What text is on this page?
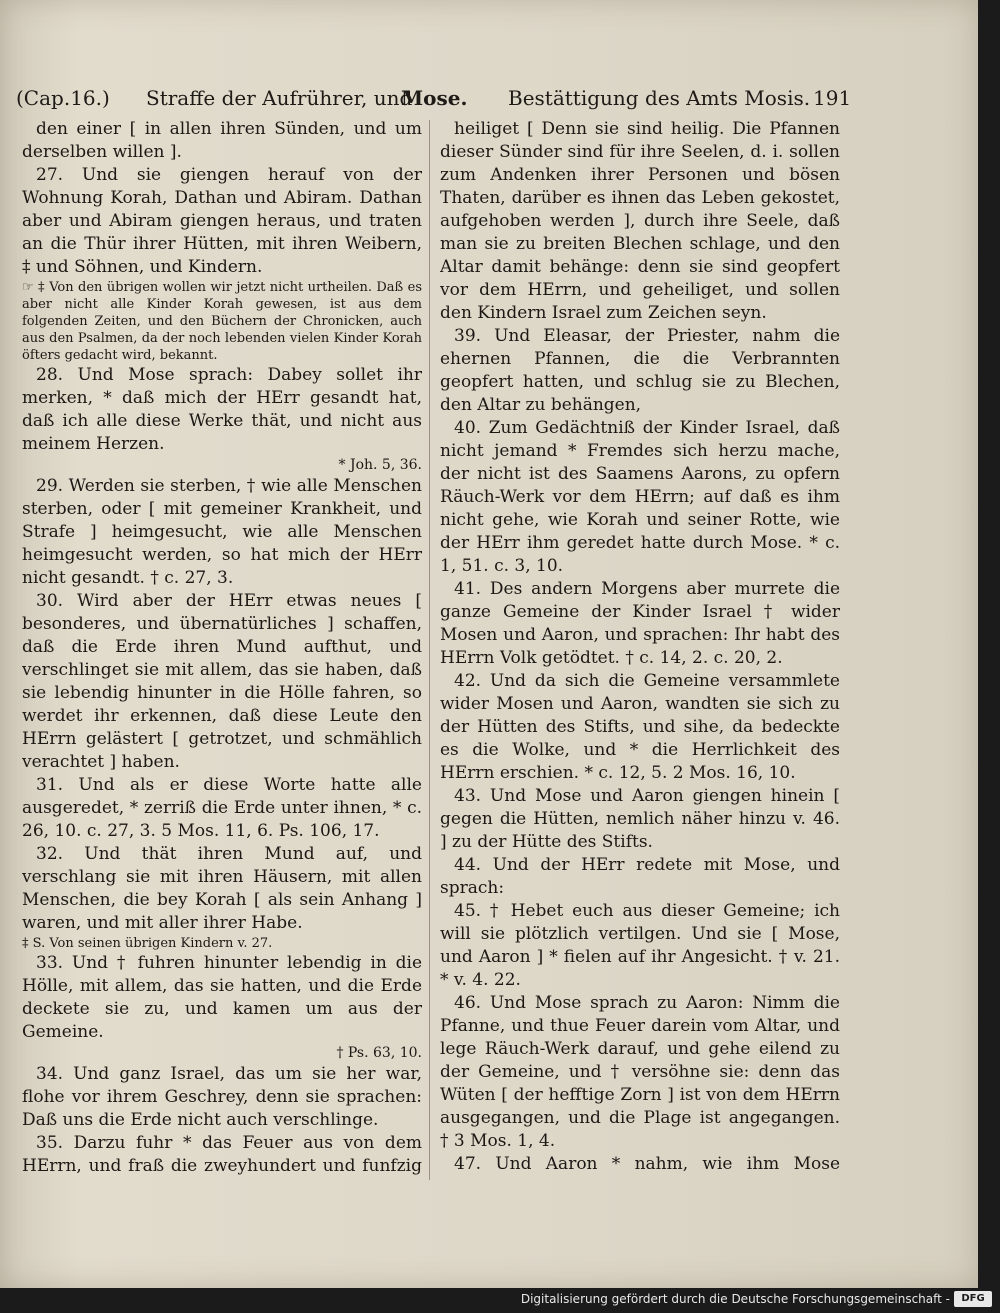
(Cap.16.) Straffe der Aufrührer, und
Mose. Bestättigung des Amts Mosis. 191

den einer [ in allen ihren Sünden, und um derselben willen ].

27. Und sie giengen herauf von der Wohnung Korah, Dathan und Abiram. Dathan aber und Abiram giengen heraus, und traten an die Thür ihrer Hütten, mit ihren Weibern, ‡ und Söhnen, und Kindern.

☞ ‡ Von den übrigen wollen wir jetzt nicht urtheilen. Daß es aber nicht alle Kinder Korah gewesen, ist aus dem folgenden Zeiten, und den Büchern der Chronicken, auch aus den Psalmen, da der noch lebenden vielen Kinder Korah öfters gedacht wird, bekannt.

28. Und Mose sprach: Dabey sollet ihr merken, * daß mich der HErr gesandt hat, daß ich alle diese Werke thät, und nicht aus meinem Herzen.

* Joh. 5, 36.

29. Werden sie sterben, † wie alle Menschen sterben, oder [ mit gemeiner Krankheit, und Strafe ] heimgesucht, wie alle Menschen heimgesucht werden, so hat mich der HErr nicht gesandt. † c. 27, 3.

30. Wird aber der HErr etwas neues [ besonderes, und übernatürliches ] schaffen, daß die Erde ihren Mund aufthut, und verschlinget sie mit allem, das sie haben, daß sie lebendig hinunter in die Hölle fahren, so werdet ihr erkennen, daß diese Leute den HErrn gelästert [ getrotzet, und schmählich verachtet ] haben.

31. Und als er diese Worte hatte alle ausgeredet, * zerriß die Erde unter ihnen, * c. 26, 10. c. 27, 3. 5 Mos. 11, 6. Ps. 106, 17.

32. Und thät ihren Mund auf, und verschlang sie mit ihren Häusern, mit allen Menschen, die bey Korah [ als sein Anhang ] waren, und mit aller ihrer Habe.

‡ S. Von seinen übrigen Kindern v. 27.

33. Und † fuhren hinunter lebendig in die Hölle, mit allem, das sie hatten, und die Erde deckete sie zu, und kamen um aus der Gemeine.

† Ps. 63, 10.

34. Und ganz Israel, das um sie her war, flohe vor ihrem Geschrey, denn sie sprachen: Daß uns die Erde nicht auch verschlinge.

35. Darzu fuhr * das Feuer aus von dem HErrn, und fraß die zweyhundert und funfzig

heiliget [ Denn sie sind heilig. Die Pfannen dieser Sünder sind für ihre Seelen, d. i. sollen zum Andenken ihrer Personen und bösen Thaten, darüber es ihnen das Leben gekostet, aufgehoben werden ], durch ihre Seele, daß man sie zu breiten Blechen schlage, und den Altar damit behänge: denn sie sind geopfert vor dem HErrn, und geheiliget, und sollen den Kindern Israel zum Zeichen seyn.

39. Und Eleasar, der Priester, nahm die ehernen Pfannen, die die Verbrannten geopfert hatten, und schlug sie zu Blechen, den Altar zu behängen,

40. Zum Gedächtniß der Kinder Israel, daß nicht jemand * Fremdes sich herzu mache, der nicht ist des Saamens Aarons, zu opfern Räuch-Werk vor dem HErrn; auf daß es ihm nicht gehe, wie Korah und seiner Rotte, wie der HErr ihm geredet hatte durch Mose. * c. 1, 51. c. 3, 10.

41. Des andern Morgens aber murrete die ganze Gemeine der Kinder Israel † wider Mosen und Aaron, und sprachen: Ihr habt des HErrn Volk getödtet. † c. 14, 2. c. 20, 2.

42. Und da sich die Gemeine versammlete wider Mosen und Aaron, wandten sie sich zu der Hütten des Stifts, und sihe, da bedeckte es die Wolke, und * die Herrlichkeit des HErrn erschien. * c. 12, 5. 2 Mos. 16, 10.

43. Und Mose und Aaron giengen hinein [ gegen die Hütten, nemlich näher hinzu v. 46. ] zu der Hütte des Stifts.

44. Und der HErr redete mit Mose, und sprach:

45. † Hebet euch aus dieser Gemeine; ich will sie plötzlich vertilgen. Und sie [ Mose, und Aaron ] * fielen auf ihr Angesicht. † v. 21. * v. 4. 22.

46. Und Mose sprach zu Aaron: Nimm die Pfanne, und thue Feuer darein vom Altar, und lege Räuch-Werk darauf, und gehe eilend zu der Gemeine, und † versöhne sie: denn das Wüten [ der hefftige Zorn ] ist von dem HErrn ausgegangen, und die Plage ist angegangen. † 3 Mos. 1, 4.

47. Und Aaron * nahm, wie ihm Mose

Digitalisierung gefördert durch die Deutsche Forschungsgemeinschaft -	DFG
